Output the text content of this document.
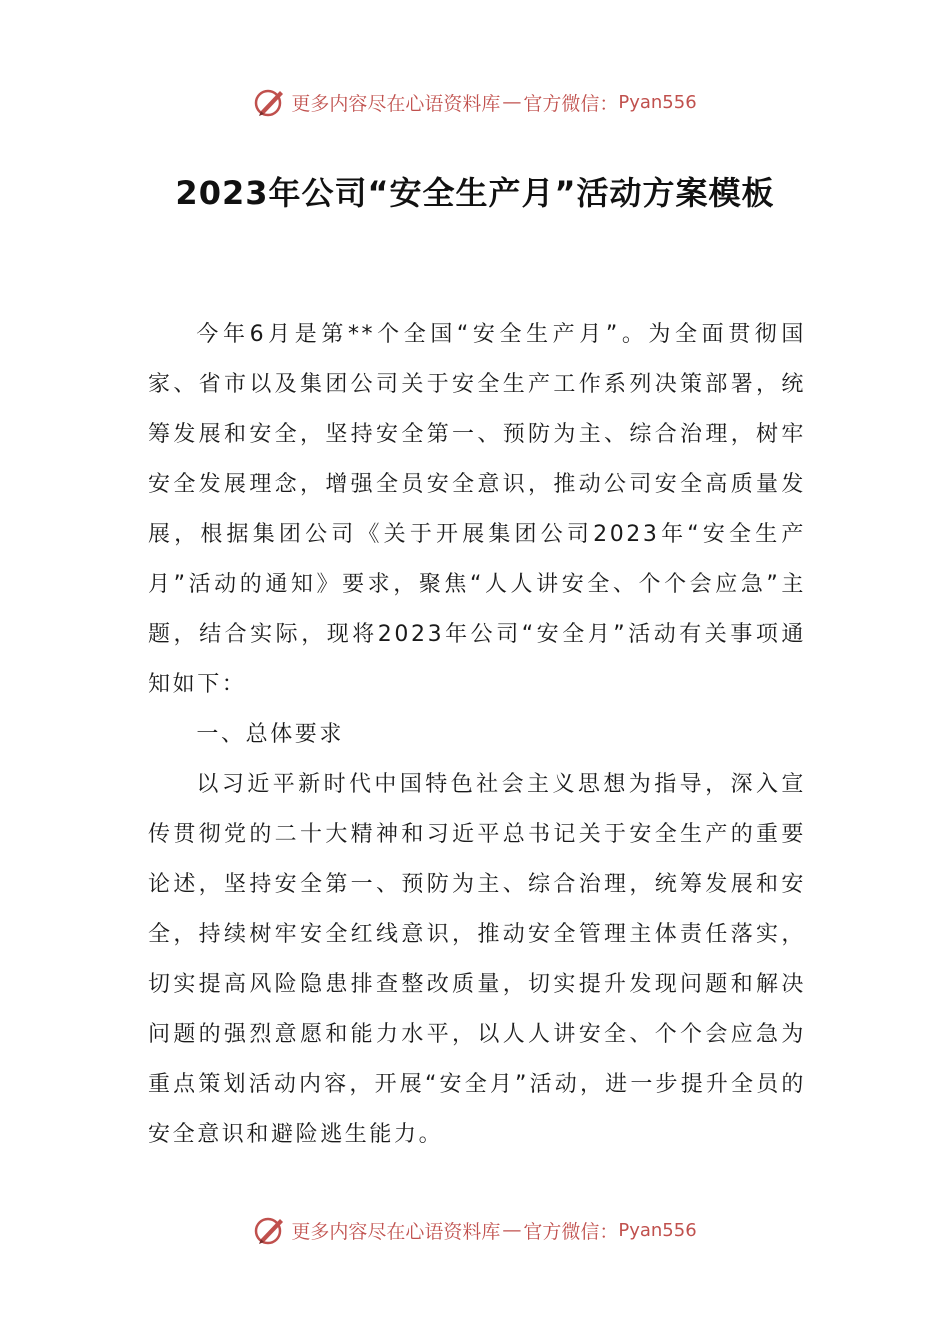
更多内容尽在心语资料库 — 官方微信： Pyan556
2023年公司“安全生产月”活动方案模板

今年6月是第**个全国“安全生产月”。为全面贯彻国家、省市以及集团公司关于安全生产工作系列决策部署，统筹发展和安全，坚持安全第一、预防为主、综合治理，树牢安全发展理念，增强全员安全意识，推动公司安全高质量发展，根据集团公司《关于开展集团公司2023年“安全生产月”活动的通知》要求，聚焦“人人讲安全、个个会应急”主题，结合实际，现将2023年公司“安全月”活动有关事项通知如下：

一、总体要求

以习近平新时代中国特色社会主义思想为指导，深入宣传贯彻党的二十大精神和习近平总书记关于安全生产的重要论述，坚持安全第一、预防为主、综合治理，统筹发展和安全，持续树牢安全红线意识，推动安全管理主体责任落实，切实提高风险隐患排查整改质量，切实提升发现问题和解决问题的强烈意愿和能力水平，以人人讲安全、个个会应急为重点策划活动内容，开展“安全月”活动，进一步提升全员的安全意识和避险逃生能力。

更多内容尽在心语资料库 — 官方微信： Pyan556
